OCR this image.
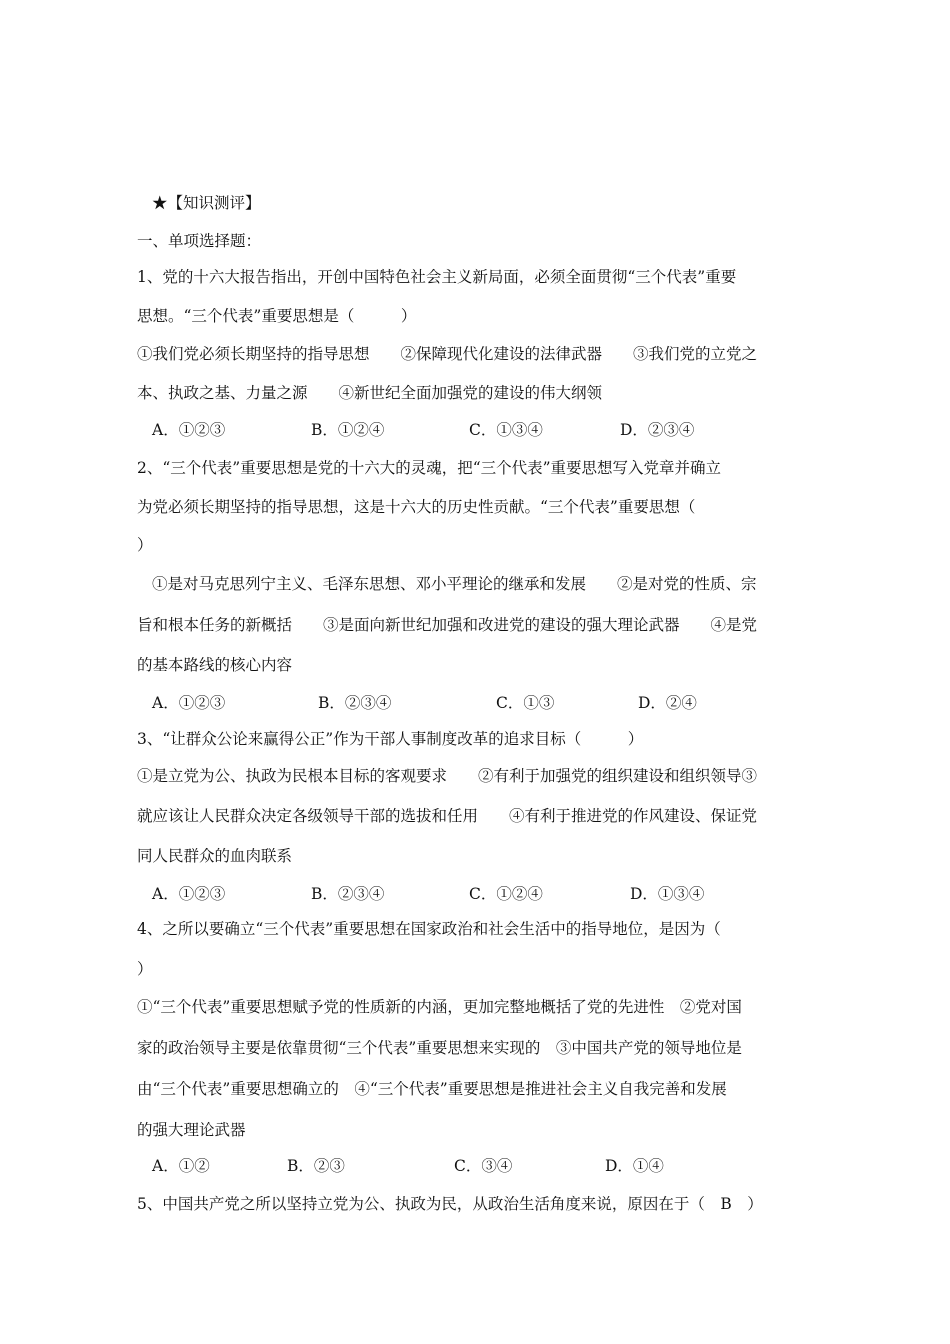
★【知识测评】
一、单项选择题：
1、党的十六大报告指出，开创中国特色社会主义新局面，必须全面贯彻“三个代表”重要
思想。“三个代表”重要思想是（　　　）
①我们党必须长期坚持的指导思想　　②保障现代化建设的法律武器　　③我们党的立党之
本、执政之基、力量之源　　④新世纪全面加强党的建设的伟大纲领
A．①②③	B．①②④	C．①③④	D．②③④
2、“三个代表”重要思想是党的十六大的灵魂，把“三个代表”重要思想写入党章并确立
为党必须长期坚持的指导思想，这是十六大的历史性贡献。“三个代表”重要思想（
）
①是对马克思列宁主义、毛泽东思想、邓小平理论的继承和发展　　②是对党的性质、宗
旨和根本任务的新概括　　③是面向新世纪加强和改进党的建设的强大理论武器　　④是党
的基本路线的核心内容
A．①②③	B．②③④	C．①③	D．②④
3、“让群众公论来赢得公正”作为干部人事制度改革的追求目标（　　　）
①是立党为公、执政为民根本目标的客观要求　　②有利于加强党的组织建设和组织领导③
就应该让人民群众决定各级领导干部的选拔和任用　　④有利于推进党的作风建设、保证党
同人民群众的血肉联系
A．①②③	B．②③④	C．①②④	D．①③④
4、之所以要确立“三个代表”重要思想在国家政治和社会生活中的指导地位，是因为（
）
①“三个代表”重要思想赋予党的性质新的内涵，更加完整地概括了党的先进性　②党对国
家的政治领导主要是依靠贯彻“三个代表”重要思想来实现的　③中国共产党的领导地位是
由“三个代表”重要思想确立的　④“三个代表”重要思想是推进社会主义自我完善和发展
的强大理论武器
A．①②	B．②③	C．③④	D．①④
5、中国共产党之所以坚持立党为公、执政为民，从政治生活角度来说，原因在于（　B　）
